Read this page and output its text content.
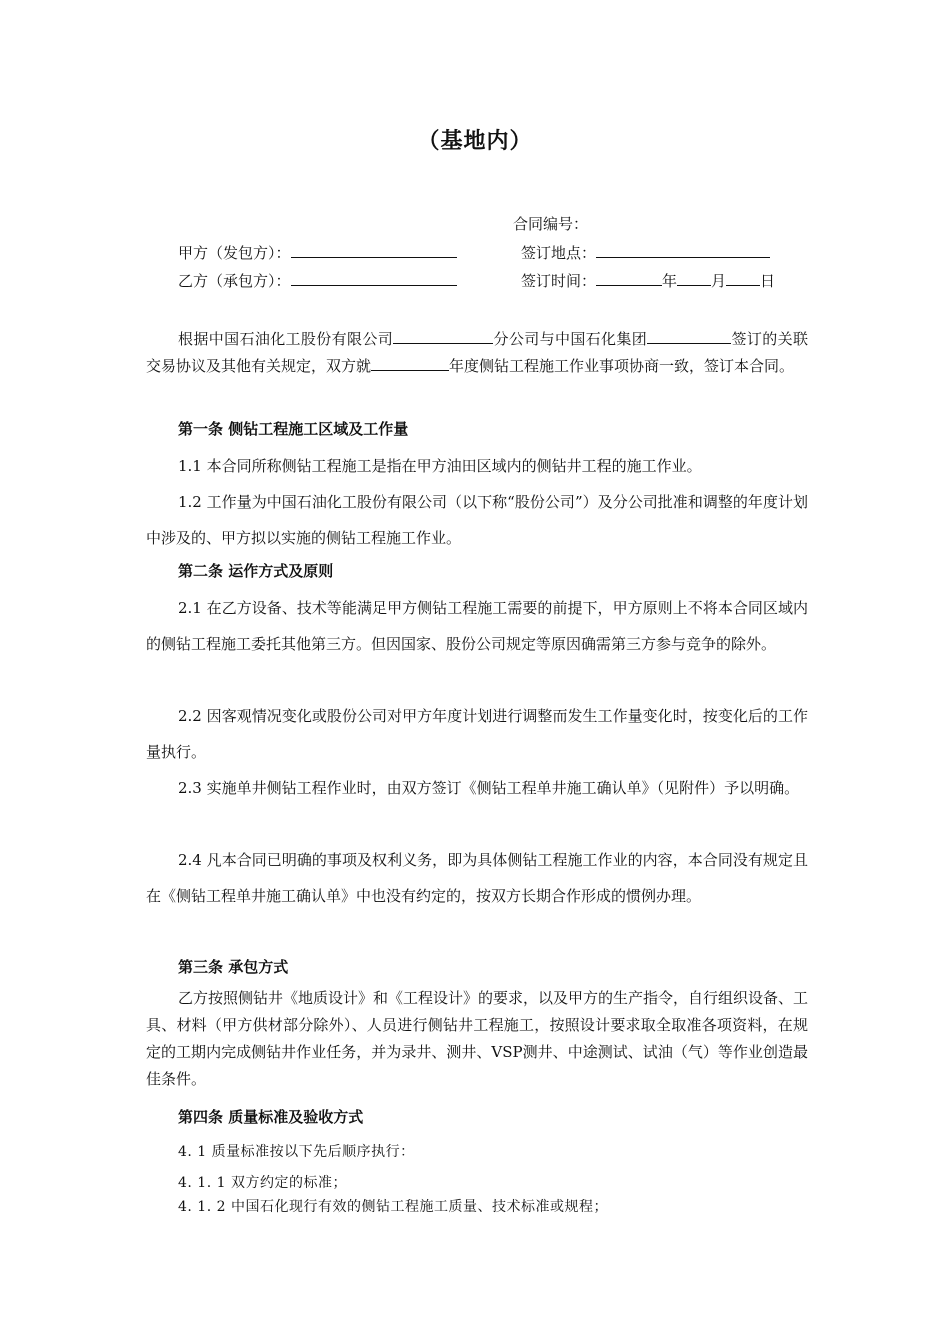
（基地内）
合同编号：
甲方（发包方）：	签订地点：
乙方（承包方）：	签订时间：	年 月 日
根据中国石油化工股份有限公司	分公司与中国石化集团	签订的关联交易协议及其他有关规定，双方就	年度侧钻工程施工作业事项协商一致，签订本合同。
第一条 侧钻工程施工区域及工作量
1.1 本合同所称侧钻工程施工是指在甲方油田区域内的侧钻井工程的施工作业。
1.2 工作量为中国石油化工股份有限公司（以下称“股份公司”）及分公司批准和调整的年度计划中涉及的、甲方拟以实施的侧钻工程施工作业。
第二条 运作方式及原则
2.1 在乙方设备、技术等能满足甲方侧钻工程施工需要的前提下，甲方原则上不将本合同区域内的侧钻工程施工委托其他第三方。但因国家、股份公司规定等原因确需第三方参与竞争的除外。
2.2 因客观情况变化或股份公司对甲方年度计划进行调整而发生工作量变化时，按变化后的工作量执行。
2.3 实施单井侧钻工程作业时，由双方签订《侧钻工程单井施工确认单》（见附件）予以明确。
2.4 凡本合同已明确的事项及权利义务，即为具体侧钻工程施工作业的内容，本合同没有规定且在《侧钻工程单井施工确认单》中也没有约定的，按双方长期合作形成的惯例办理。
第三条 承包方式
乙方按照侧钻井《地质设计》和《工程设计》的要求，以及甲方的生产指令，自行组织设备、工具、材料（甲方供材部分除外）、人员进行侧钻井工程施工，按照设计要求取全取准各项资料，在规定的工期内完成侧钻井作业任务，并为录井、测井、VSP测井、中途测试、试油（气）等作业创造最佳条件。
第四条 质量标准及验收方式
4. 1 质量标准按以下先后顺序执行：
4. 1. 1 双方约定的标准；
4. 1. 2 中国石化现行有效的侧钻工程施工质量、技术标准或规程；
